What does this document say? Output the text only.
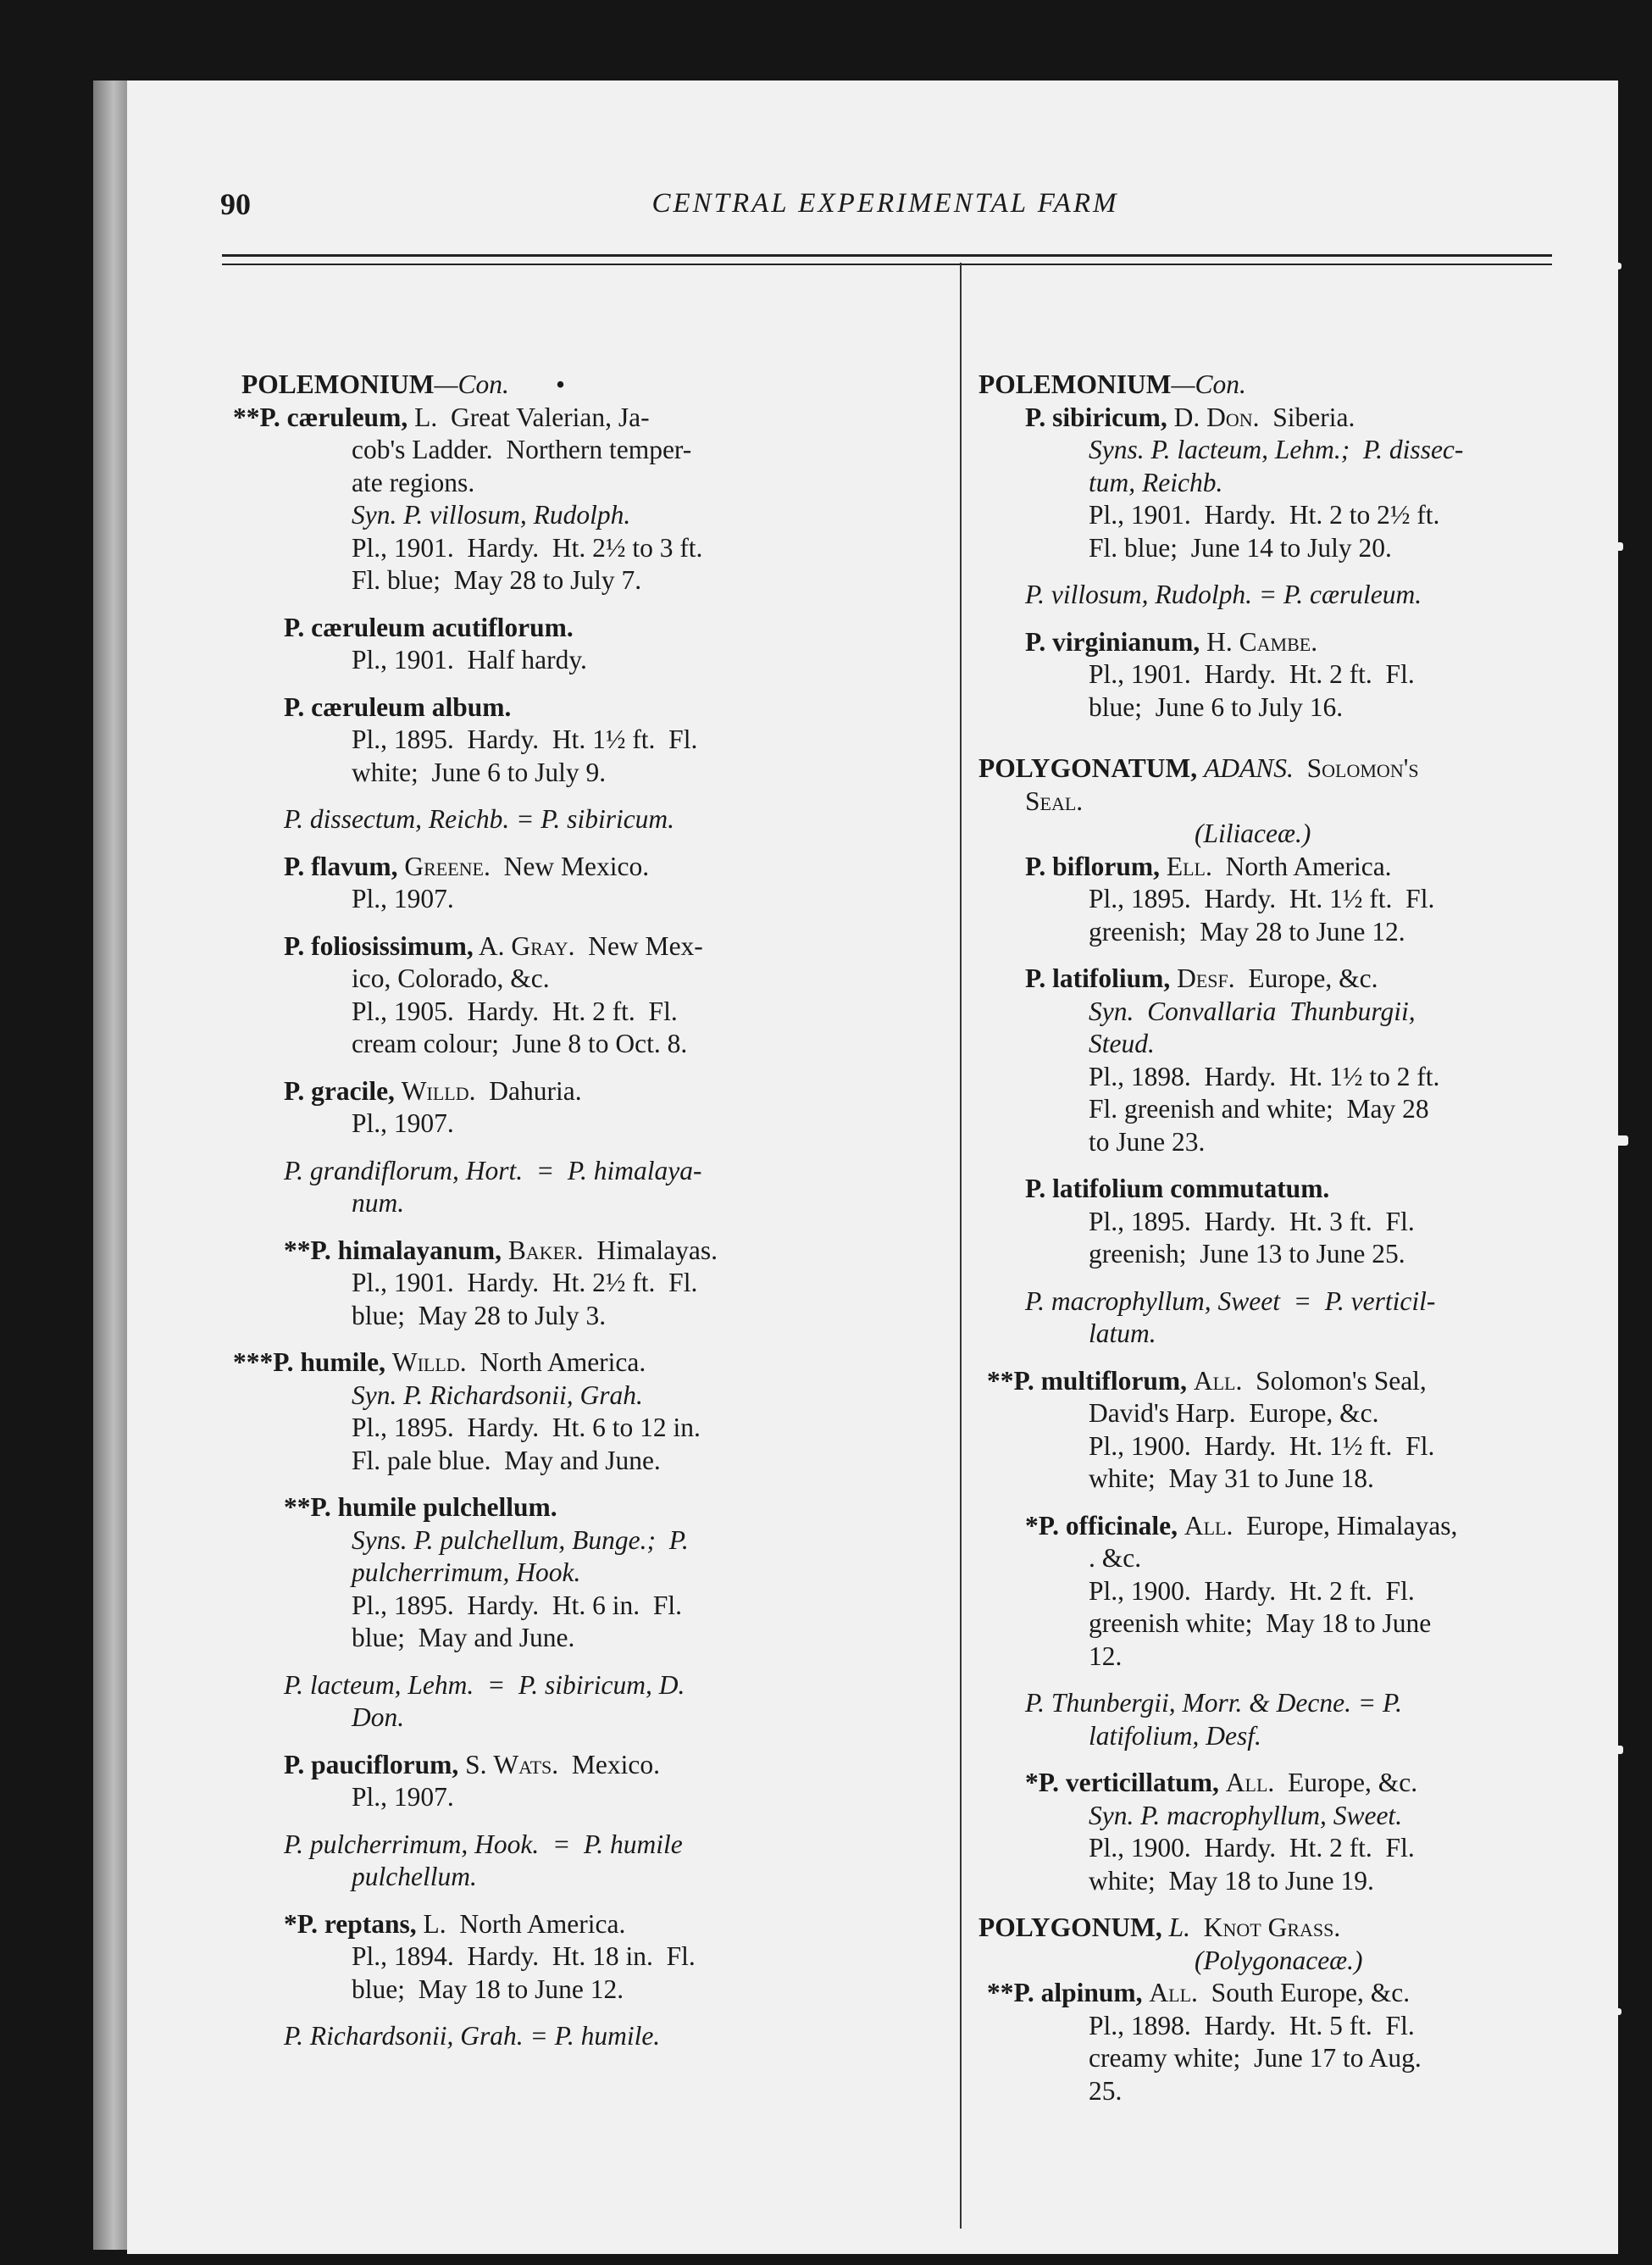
90	CENTRAL EXPERIMENTAL FARM
POLEMONIUM—Con.       •
**P. cæruleum, L.  Great Valerian, Ja-
cob's Ladder.  Northern temper-
ate regions.
Syn. P. villosum, Rudolph.
Pl., 1901.  Hardy.  Ht. 2½ to 3 ft.
Fl. blue;  May 28 to July 7.
P. cæruleum acutiflorum.
Pl., 1901.  Half hardy.
P. cæruleum album.
Pl., 1895.  Hardy.  Ht. 1½ ft.  Fl.
white;  June 6 to July 9.
P. dissectum, Reichb. = P. sibiricum.
P. flavum, Greene.  New Mexico.
Pl., 1907.
P. foliosissimum, A. Gray.  New Mex-
ico, Colorado, &c.
Pl., 1905.  Hardy.  Ht. 2 ft.  Fl.
cream colour;  June 8 to Oct. 8.
P. gracile, Willd.  Dahuria.
Pl., 1907.
P. grandiflorum, Hort.  =  P. himalaya-
num.
**P. himalayanum, Baker.  Himalayas.
Pl., 1901.  Hardy.  Ht. 2½ ft.  Fl.
blue;  May 28 to July 3.
***P. humile, Willd.  North America.
Syn. P. Richardsonii, Grah.
Pl., 1895.  Hardy.  Ht. 6 to 12 in.
Fl. pale blue.  May and June.
**P. humile pulchellum.
Syns. P. pulchellum, Bunge.;  P.
pulcherrimum, Hook.
Pl., 1895.  Hardy.  Ht. 6 in.  Fl.
blue;  May and June.
P. lacteum, Lehm.  =  P. sibiricum, D.
Don.
P. pauciflorum, S. Wats.  Mexico.
Pl., 1907.
P. pulcherrimum, Hook.  =  P. humile
pulchellum.
*P. reptans, L.  North America.
Pl., 1894.  Hardy.  Ht. 18 in.  Fl.
blue;  May 18 to June 12.
P. Richardsonii, Grah. = P. humile.
POLEMONIUM—Con.
P. sibiricum, D. Don.  Siberia.
Syns. P. lacteum, Lehm.;  P. dissec-
tum, Reichb.
Pl., 1901.  Hardy.  Ht. 2 to 2½ ft.
Fl. blue;  June 14 to July 20.
P. villosum, Rudolph. = P. cæruleum.
P. virginianum, H. Cambe.
Pl., 1901.  Hardy.  Ht. 2 ft.  Fl.
blue;  June 6 to July 16.
POLYGONATUM, ADANS. Solomon's
Seal.
(Liliaceæ.)
P. biflorum, Ell.  North America.
Pl., 1895.  Hardy.  Ht. 1½ ft.  Fl.
greenish;  May 28 to June 12.
P. latifolium, Desf.  Europe, &c.
Syn.  Convallaria  Thunburgii,
Steud.
Pl., 1898.  Hardy.  Ht. 1½ to 2 ft.
Fl. greenish and white;  May 28
to June 23.
P. latifolium commutatum.
Pl., 1895.  Hardy.  Ht. 3 ft.  Fl.
greenish;  June 13 to June 25.
P. macrophyllum, Sweet  =  P. verticil-
latum.
**P. multiflorum, All.  Solomon's Seal,
David's Harp.  Europe, &c.
Pl., 1900.  Hardy.  Ht. 1½ ft.  Fl.
white;  May 31 to June 18.
*P. officinale, All.  Europe, Himalayas,
. &c.
Pl., 1900.  Hardy.  Ht. 2 ft.  Fl.
greenish white;  May 18 to June
12.
P. Thunbergii, Morr. & Decne. = P.
latifolium, Desf.
*P. verticillatum, All.  Europe, &c.
Syn. P. macrophyllum, Sweet.
Pl., 1900.  Hardy.  Ht. 2 ft.  Fl.
white;  May 18 to June 19.
POLYGONUM, L. Knot Grass.
(Polygonaceæ.)
**P. alpinum, All.  South Europe, &c.
Pl., 1898.  Hardy.  Ht. 5 ft.  Fl.
creamy white;  June 17 to Aug.
25.
